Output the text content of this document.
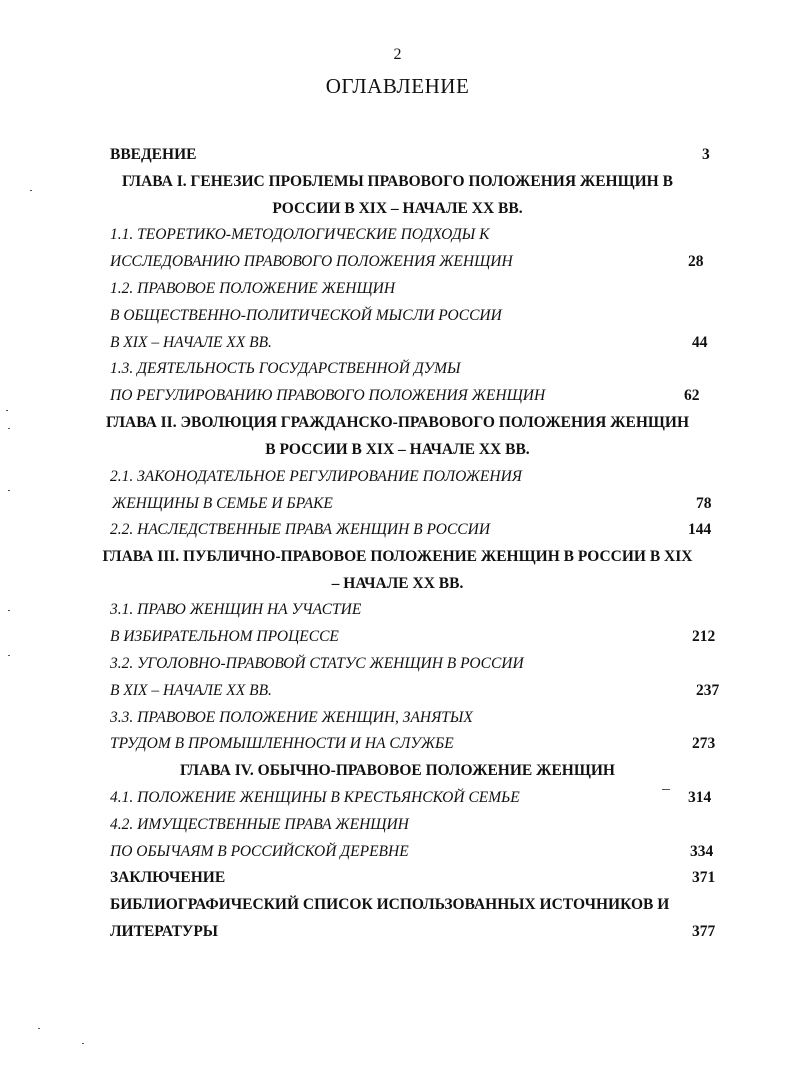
2
ОГЛАВЛЕНИЕ
ВВЕДЕНИЕ	3
ГЛАВА I. ГЕНЕЗИС ПРОБЛЕМЫ ПРАВОВОГО ПОЛОЖЕНИЯ ЖЕНЩИН В
РОССИИ В XIX – НАЧАЛЕ XX ВВ.
1.1. ТЕОРЕТИКО-МЕТОДОЛОГИЧЕСКИЕ ПОДХОДЫ К
ИССЛЕДОВАНИЮ ПРАВОВОГО ПОЛОЖЕНИЯ ЖЕНЩИН	28
1.2. ПРАВОВОЕ ПОЛОЖЕНИЕ ЖЕНЩИН
В ОБЩЕСТВЕННО-ПОЛИТИЧЕСКОЙ МЫСЛИ РОССИИ
В XIX – НАЧАЛЕ XX ВВ.	44
1.3. ДЕЯТЕЛЬНОСТЬ ГОСУДАРСТВЕННОЙ ДУМЫ
ПО РЕГУЛИРОВАНИЮ ПРАВОВОГО ПОЛОЖЕНИЯ ЖЕНЩИН	62
ГЛАВА II. ЭВОЛЮЦИЯ ГРАЖДАНСКО-ПРАВОВОГО ПОЛОЖЕНИЯ ЖЕНЩИН
В РОССИИ В XIX – НАЧАЛЕ XX ВВ.
2.1. ЗАКОНОДАТЕЛЬНОЕ РЕГУЛИРОВАНИЕ ПОЛОЖЕНИЯ
ЖЕНЩИНЫ В СЕМЬЕ И БРАКЕ	78
2.2. НАСЛЕДСТВЕННЫЕ ПРАВА ЖЕНЩИН В РОССИИ	144
ГЛАВА III. ПУБЛИЧНО-ПРАВОВОЕ ПОЛОЖЕНИЕ ЖЕНЩИН В РОССИИ В XIX
– НАЧАЛЕ XX ВВ.
3.1. ПРАВО ЖЕНЩИН НА УЧАСТИЕ
В ИЗБИРАТЕЛЬНОМ ПРОЦЕССЕ	212
3.2. УГОЛОВНО-ПРАВОВОЙ СТАТУС ЖЕНЩИН В РОССИИ
В XIX – НАЧАЛЕ XX ВВ.	237
3.3. ПРАВОВОЕ ПОЛОЖЕНИЕ ЖЕНЩИН, ЗАНЯТЫХ
ТРУДОМ В ПРОМЫШЛЕННОСТИ И НА СЛУЖБЕ	273
ГЛАВА IV. ОБЫЧНО-ПРАВОВОЕ ПОЛОЖЕНИЕ ЖЕНЩИН
4.1. ПОЛОЖЕНИЕ ЖЕНЩИНЫ В КРЕСТЬЯНСКОЙ СЕМЬЕ	314
4.2. ИМУЩЕСТВЕННЫЕ ПРАВА ЖЕНЩИН
ПО ОБЫЧАЯМ В РОССИЙСКОЙ ДЕРЕВНЕ	334
ЗАКЛЮЧЕНИЕ	371
БИБЛИОГРАФИЧЕСКИЙ СПИСОК ИСПОЛЬЗОВАННЫХ ИСТОЧНИКОВ И
ЛИТЕРАТУРЫ	377
